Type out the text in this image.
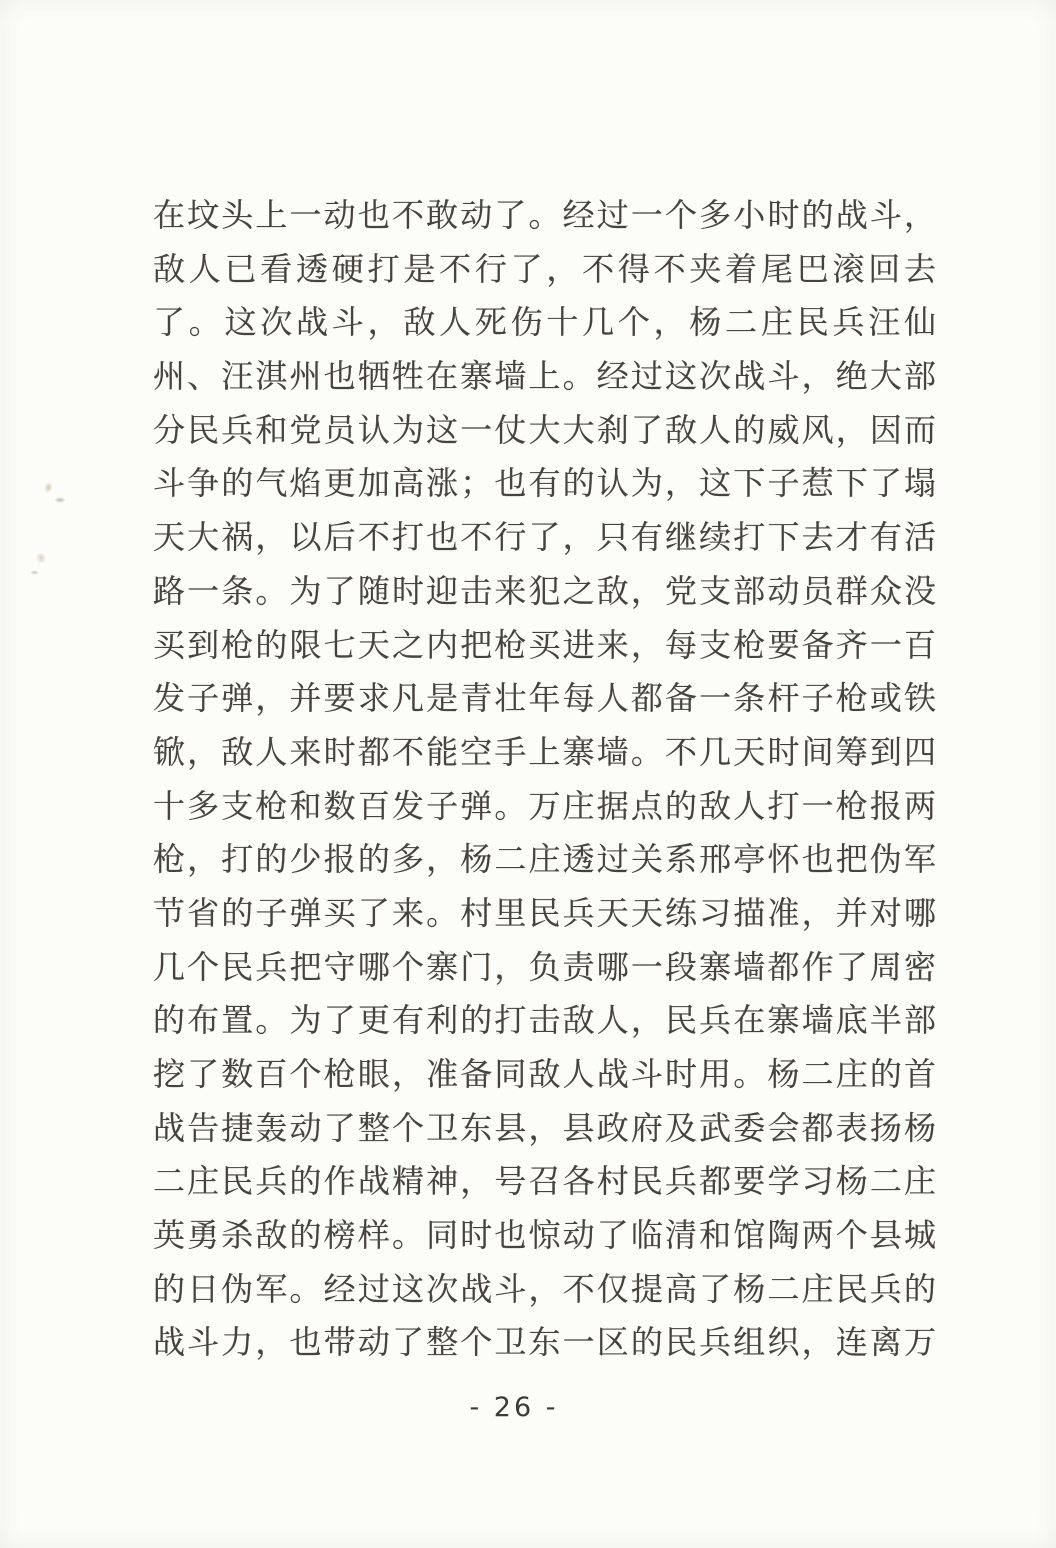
在坟头上一动也不敢动了。经过一个多小时的战斗，

敌人已看透硬打是不行了，不得不夹着尾巴滚回去

了。这次战斗，敌人死伤十几个，杨二庄民兵汪仙

州、汪淇州也牺牲在寨墙上。经过这次战斗，绝大部

分民兵和党员认为这一仗大大刹了敌人的威风，因而

斗争的气焰更加高涨；也有的认为，这下子惹下了塌

天大祸，以后不打也不行了，只有继续打下去才有活

路一条。为了随时迎击来犯之敌，党支部动员群众没

买到枪的限七天之内把枪买进来，每支枪要备齐一百

发子弹，并要求凡是青壮年每人都备一条杆子枪或铁

锨，敌人来时都不能空手上寨墙。不几天时间筹到四

十多支枪和数百发子弹。万庄据点的敌人打一枪报两

枪，打的少报的多，杨二庄透过关系邢亭怀也把伪军

节省的子弹买了来。村里民兵天天练习描准，并对哪

几个民兵把守哪个寨门，负责哪一段寨墙都作了周密

的布置。为了更有利的打击敌人，民兵在寨墙底半部

挖了数百个枪眼，准备同敌人战斗时用。杨二庄的首

战告捷轰动了整个卫东县，县政府及武委会都表扬杨

二庄民兵的作战精神，号召各村民兵都要学习杨二庄

英勇杀敌的榜样。同时也惊动了临清和馆陶两个县城

的日伪军。经过这次战斗，不仅提高了杨二庄民兵的

战斗力，也带动了整个卫东一区的民兵组织，连离万

- 26 -
